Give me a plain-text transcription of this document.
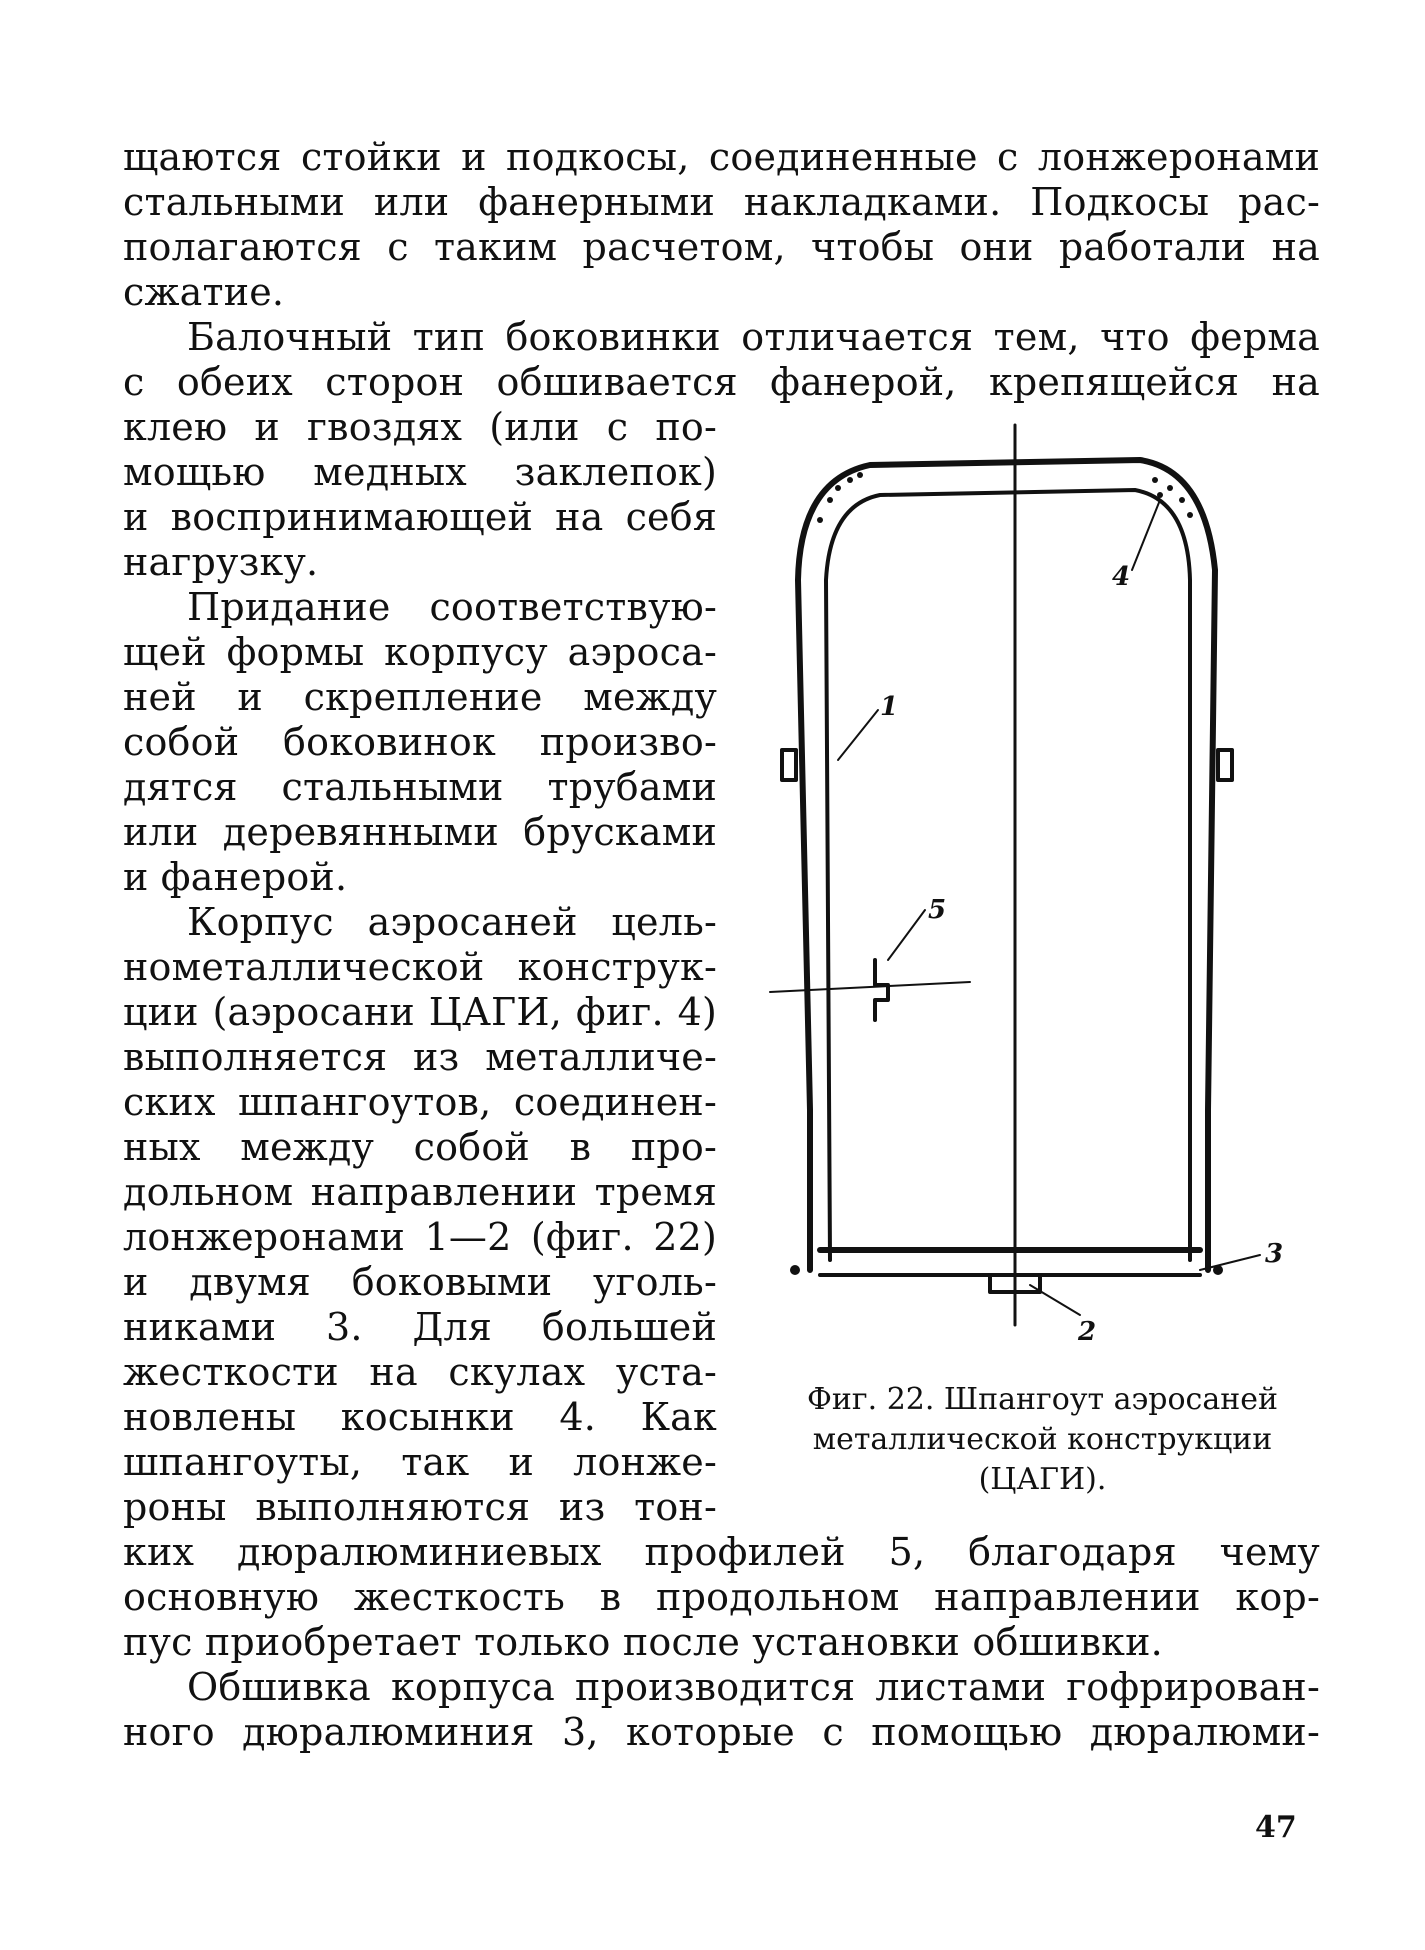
щаются стойки и подкосы, соединенные с лонжеронами
стальными или фанерными накладками. Подкосы рас-
полагаются с таким расчетом, чтобы они работали на
сжатие.
Балочный тип боковинки отличается тем, что ферма
с обеих сторон обшивается фанерой, крепящейся на
клею и гвоздях (или с по-
мощью медных заклепок)
и воспринимающей на себя
нагрузку.
Придание соответствую-
щей формы корпусу аэроса-
ней и скрепление между
собой боковинок произво-
дятся стальными трубами
или деревянными брусками
и фанерой.
Корпус аэросаней цель-
нометаллической конструк-
ции (аэросани ЦАГИ, фиг. 4)
выполняется из металличе-
ских шпангоутов, соединен-
ных между собой в про-
дольном направлении тремя
лонжеронами 1—2 (фиг. 22)
и двумя боковыми уголь-
никами 3. Для большей
жесткости на скулах уста-
новлены косынки 4. Как
шпангоуты, так и лонже-
роны выполняются из тон-
ких дюралюминиевых профилей 5, благодаря чему
основную жесткость в продольном направлении кор-
пус приобретает только после установки обшивки.
Обшивка корпуса производится листами гофрирован-
ного дюралюминия 3, которые с помощью дюралюми-
1
2
3
4
5
Фиг. 22. Шпангоут аэросаней
металлической конструкции
(ЦАГИ).
47
